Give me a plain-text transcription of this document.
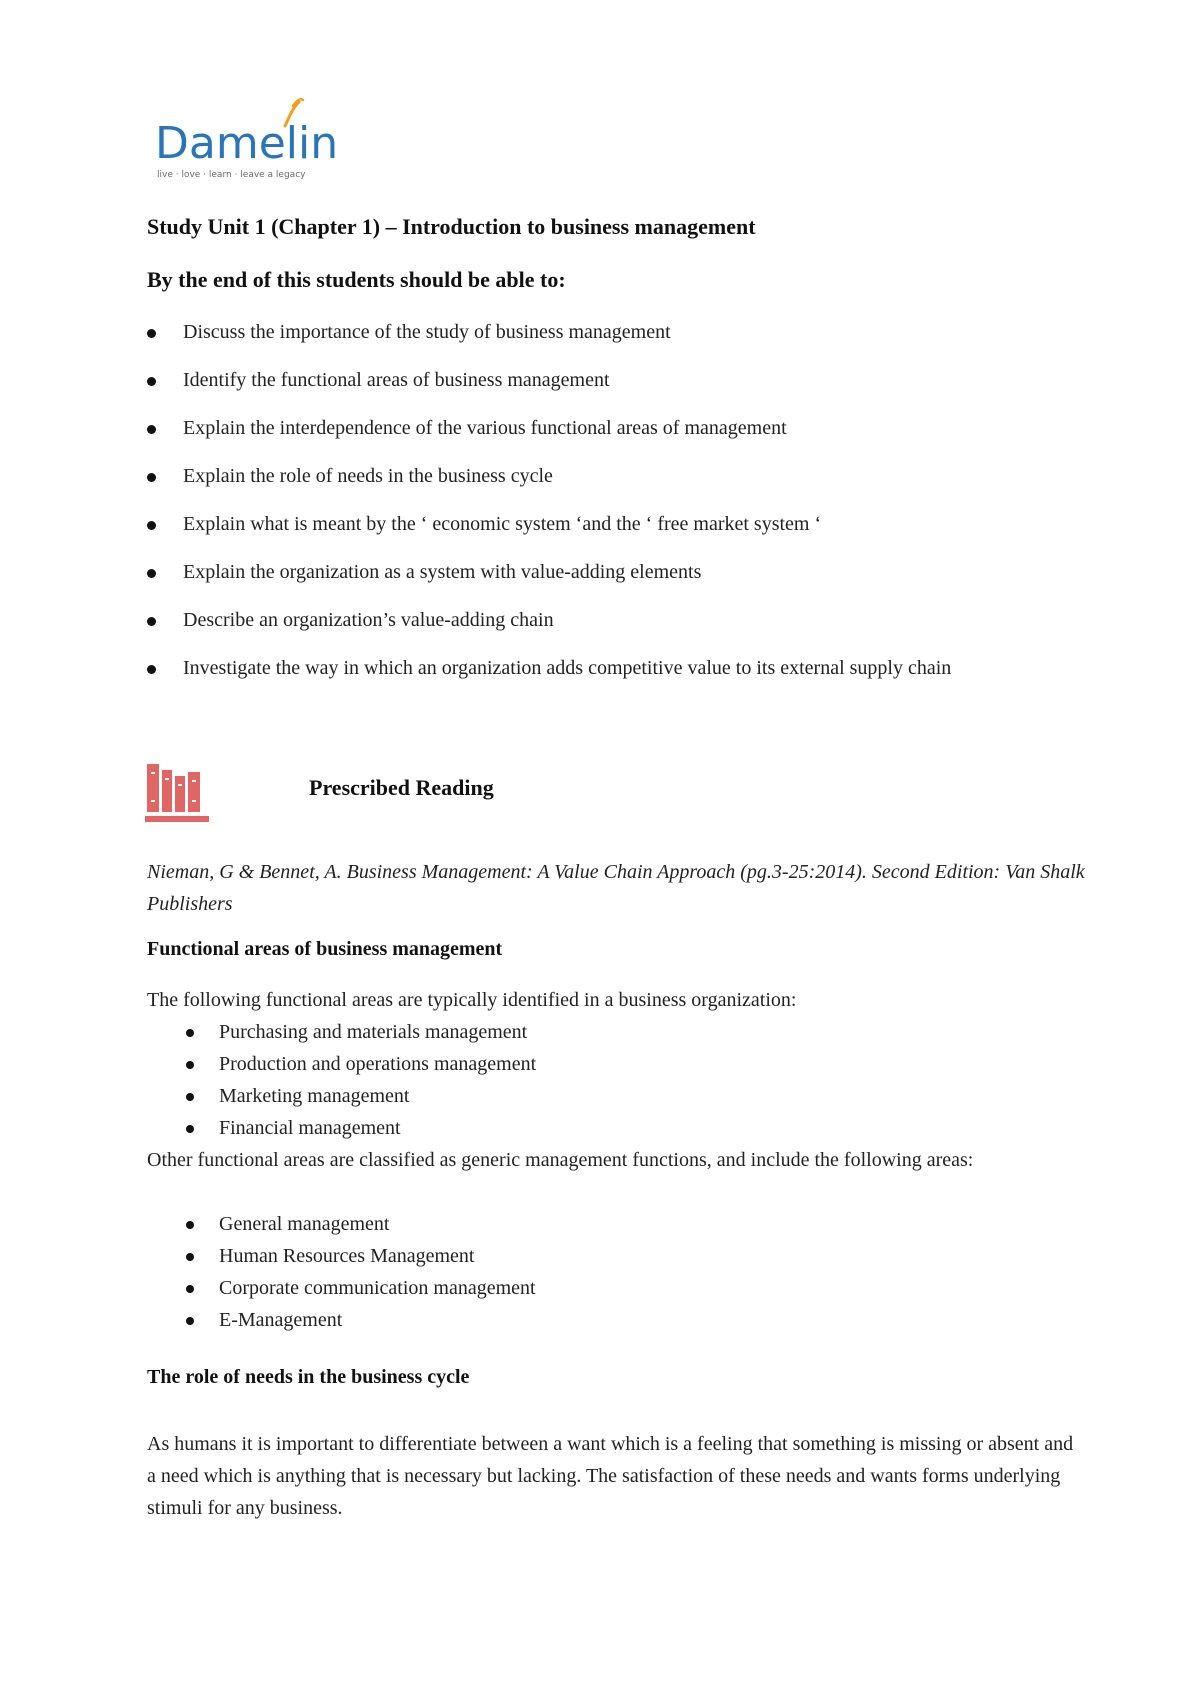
Damelin
live · love · learn · leave a legacy
Study Unit 1 (Chapter 1) – Introduction to business management
By the end of this students should be able to:
Discuss the importance of the study of business management
Identify the functional areas of business management
Explain the interdependence of the various functional areas of management
Explain the role of needs in the business cycle
Explain what is meant by the ‘ economic system ‘and the ‘ free market system ‘
Explain the organization as a system with value-adding elements
Describe an organization’s value-adding chain
Investigate the way in which an organization adds competitive value to its external supply chain
Nieman, G & Bennet, A. Business Management: A Value Chain Approach (pg.3-25:2014). Second Edition: Van Shalk Publishers
Functional areas of business management

The following functional areas are typically identified in a business organization:

Purchasing and materials management
Production and operations management
Marketing management
Financial management

Other functional areas are classified as generic management functions, and include the following areas:

General management
Human Resources Management
Corporate communication management
E-Management
The role of needs in the business cycle

As humans it is important to differentiate between a want which is a feeling that something is missing or absent and a need which is anything that is necessary but lacking. The satisfaction of these needs and wants forms underlying stimuli for any business.

Prescribed Reading
